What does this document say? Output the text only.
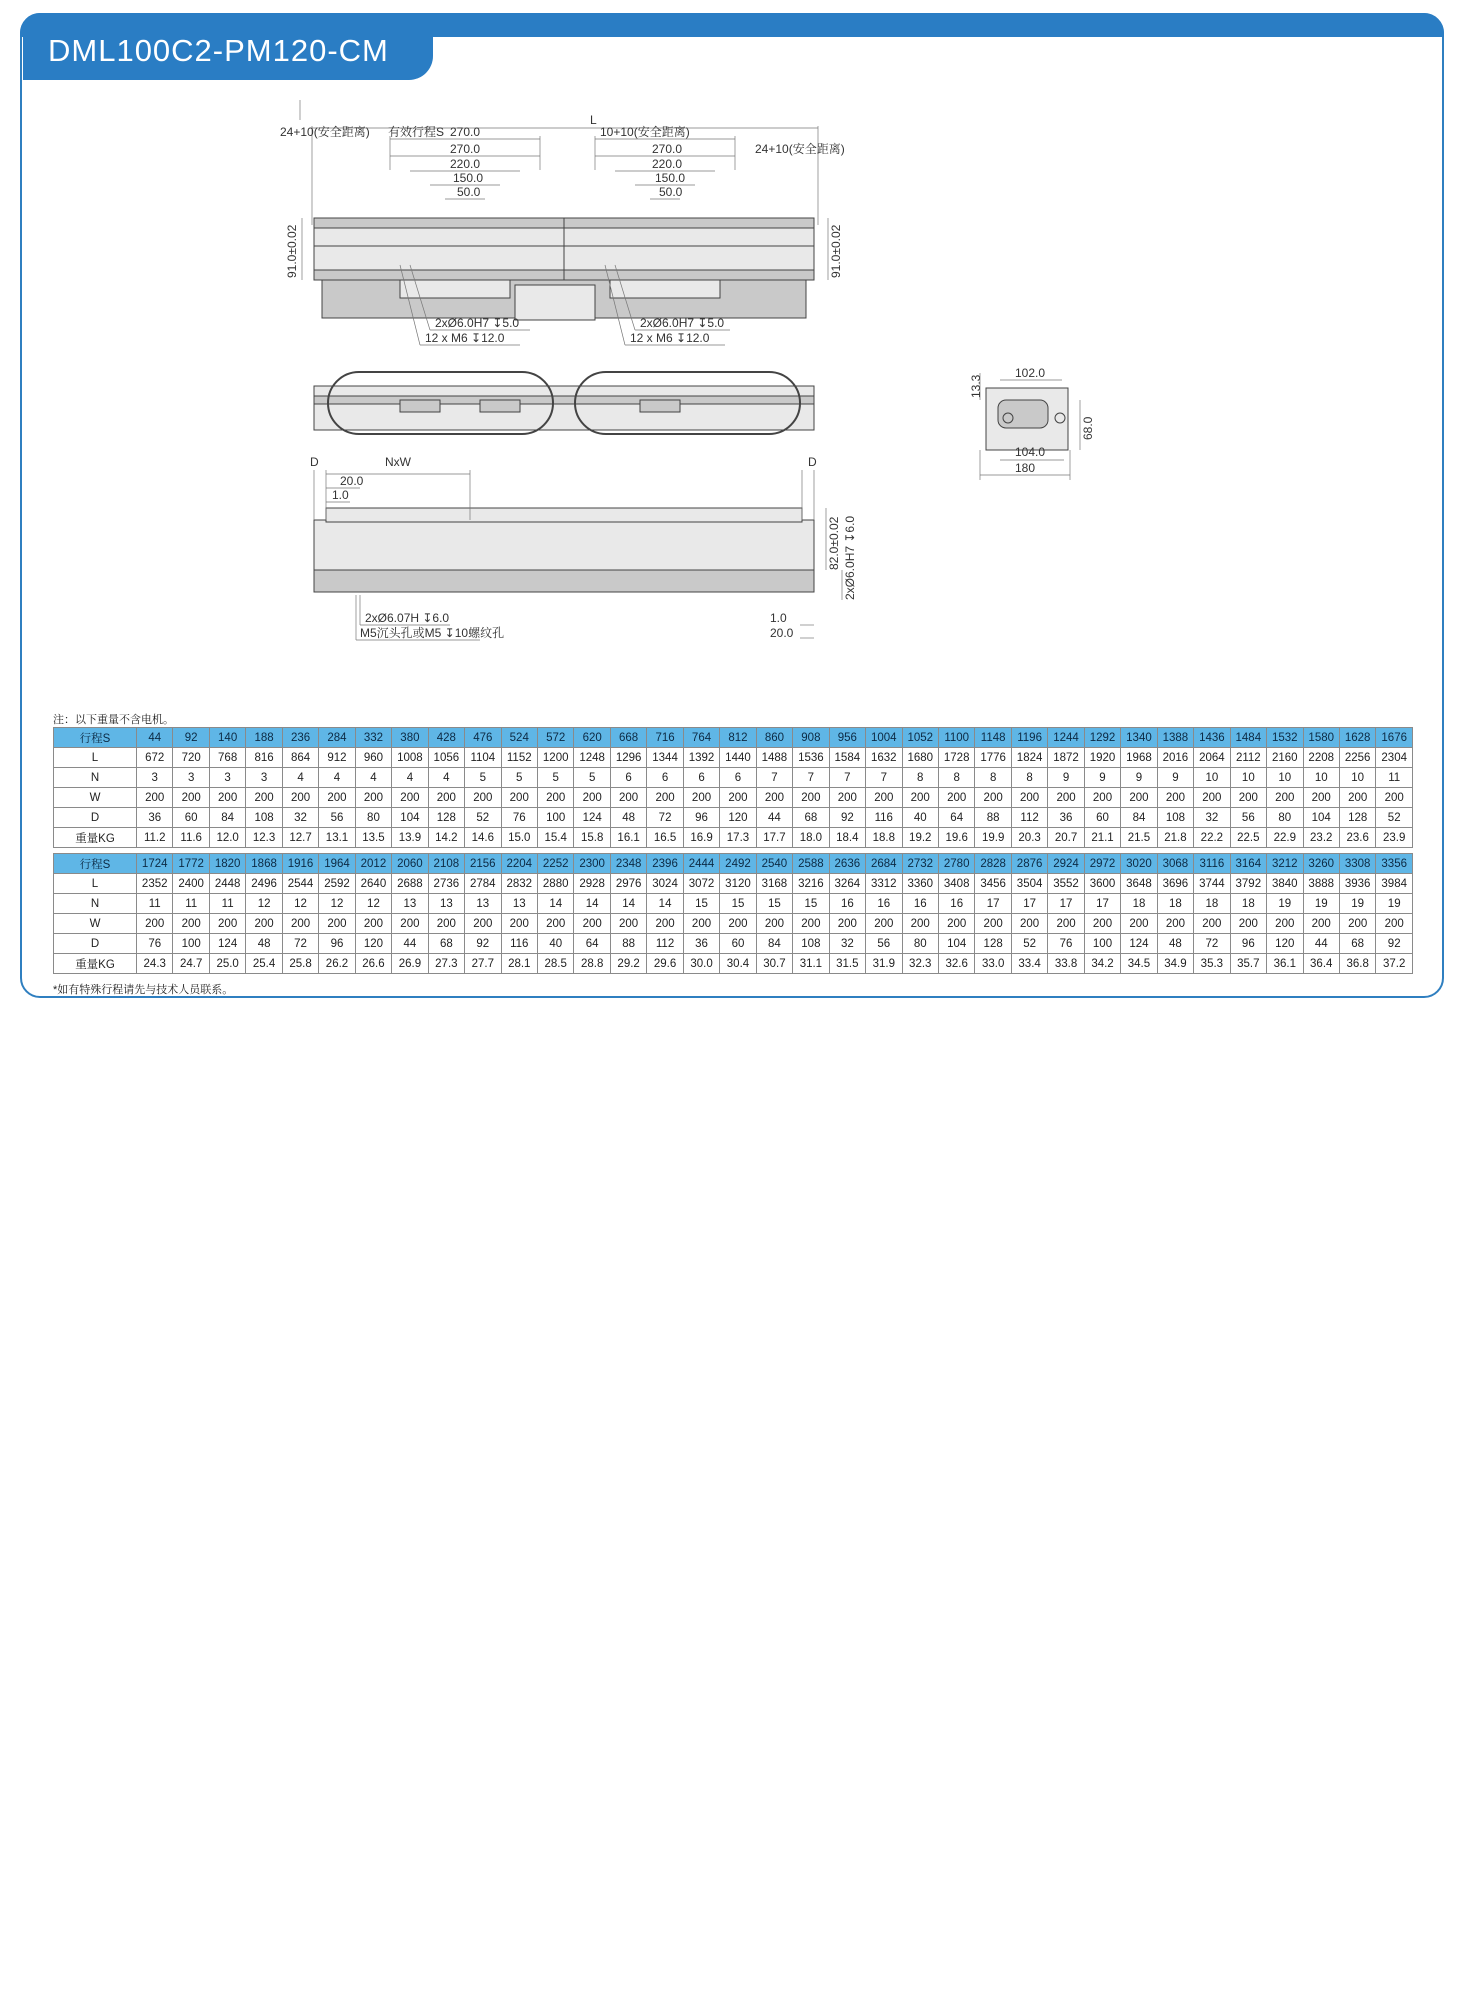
DML100C2-PM120-CM
24+10(安全距离) 有效行程S 270.0
L
10+10(安全距离)
24+10(安全距离)
270.0	270.0
220.0	220.0
150.0	150.0
50.0	50.0
91.0±0.02	91.0±0.02
2xØ6.0H7 ↧5.0
12 x M6 ↧12.0
2xØ6.0H7 ↧5.0
12 x M6 ↧12.0
13.3
102.0
68.0
104.0
180
D	NxW	D
20.0
1.0
82.0±0.02 2xØ6.0H7 ↧6.0
2xØ6.07H ↧6.0
M5沉头孔或M5 ↧10螺纹孔
1.0
20.0
注：以下重量不含电机。
行程S	44	92	140	188	236	284	332	380	428	476	524	572	620	668	716	764	812	860	908	956	1004	1052	1100	1148	1196	1244	1292	1340	1388	1436	1484	1532	1580	1628	1676
L	672	720	768	816	864	912	960	1008	1056	1104	1152	1200	1248	1296	1344	1392	1440	1488	1536	1584	1632	1680	1728	1776	1824	1872	1920	1968	2016	2064	2112	2160	2208	2256	2304
N	3	3	3	3	4	4	4	4	4	5	5	5	5	6	6	6	6	7	7	7	7	8	8	8	8	9	9	9	9	10	10	10	10	10	11
W	200	200	200	200	200	200	200	200	200	200	200	200	200	200	200	200	200	200	200	200	200	200	200	200	200	200	200	200	200	200	200	200	200	200	200
D	36	60	84	108	32	56	80	104	128	52	76	100	124	48	72	96	120	44	68	92	116	40	64	88	112	36	60	84	108	32	56	80	104	128	52
重量KG	11.2	11.6	12.0	12.3	12.7	13.1	13.5	13.9	14.2	14.6	15.0	15.4	15.8	16.1	16.5	16.9	17.3	17.7	18.0	18.4	18.8	19.2	19.6	19.9	20.3	20.7	21.1	21.5	21.8	22.2	22.5	22.9	23.2	23.6	23.9
行程S	1724	1772	1820	1868	1916	1964	2012	2060	2108	2156	2204	2252	2300	2348	2396	2444	2492	2540	2588	2636	2684	2732	2780	2828	2876	2924	2972	3020	3068	3116	3164	3212	3260	3308	3356
L	2352	2400	2448	2496	2544	2592	2640	2688	2736	2784	2832	2880	2928	2976	3024	3072	3120	3168	3216	3264	3312	3360	3408	3456	3504	3552	3600	3648	3696	3744	3792	3840	3888	3936	3984
N	11	11	11	12	12	12	12	13	13	13	13	14	14	14	14	15	15	15	15	16	16	16	16	17	17	17	17	18	18	18	18	19	19	19	19
W	200	200	200	200	200	200	200	200	200	200	200	200	200	200	200	200	200	200	200	200	200	200	200	200	200	200	200	200	200	200	200	200	200	200	200
D	76	100	124	48	72	96	120	44	68	92	116	40	64	88	112	36	60	84	108	32	56	80	104	128	52	76	100	124	48	72	96	120	44	68	92
重量KG	24.3	24.7	25.0	25.4	25.8	26.2	26.6	26.9	27.3	27.7	28.1	28.5	28.8	29.2	29.6	30.0	30.4	30.7	31.1	31.5	31.9	32.3	32.6	33.0	33.4	33.8	34.2	34.5	34.9	35.3	35.7	36.1	36.4	36.8	37.2
*如有特殊行程请先与技术人员联系。
